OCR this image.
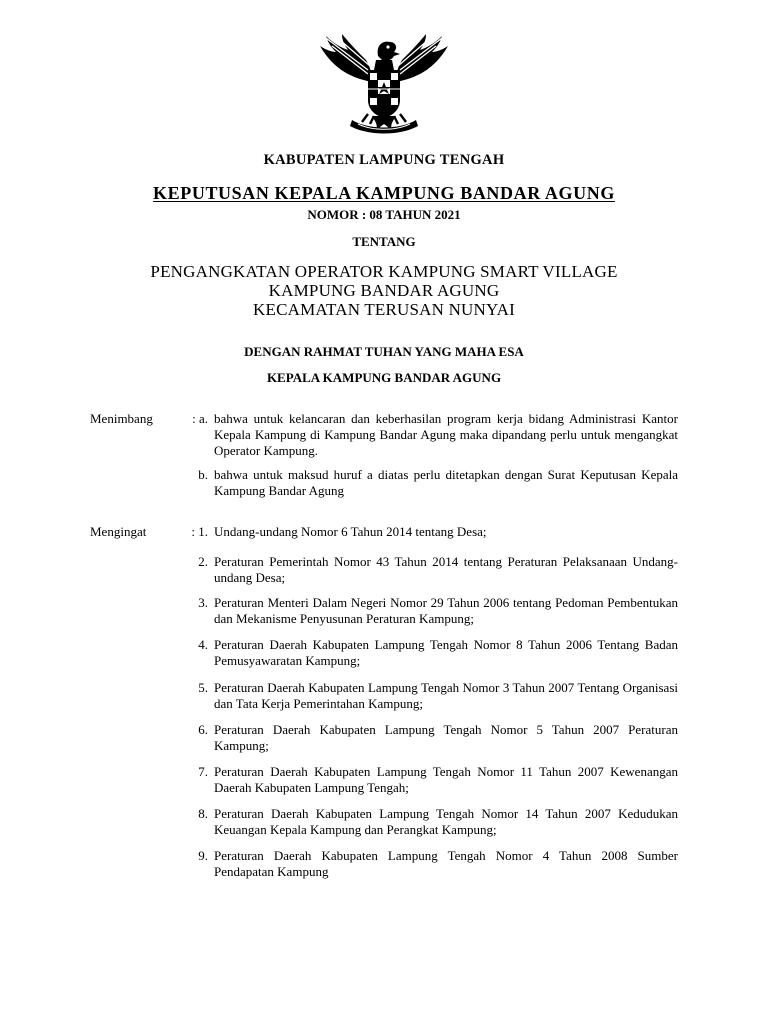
KABUPATEN LAMPUNG TENGAH
KEPUTUSAN KEPALA KAMPUNG BANDAR AGUNG
NOMOR : 08 TAHUN 2021
TENTANG
PENGANGKATAN OPERATOR KAMPUNG SMART VILLAGE
KAMPUNG BANDAR AGUNG
KECAMATAN TERUSAN NUNYAI
DENGAN RAHMAT TUHAN YANG MAHA ESA
KEPALA KAMPUNG BANDAR AGUNG
Menimbang	: a. bahwa untuk kelancaran dan keberhasilan program kerja bidang Administrasi Kantor Kepala Kampung di Kampung Bandar Agung maka dipandang perlu untuk mengangkat Operator Kampung.
b. bahwa untuk maksud huruf a diatas perlu ditetapkan dengan Surat Keputusan Kepala Kampung Bandar Agung
Mengingat	: 1. Undang-undang Nomor 6 Tahun 2014 tentang Desa;
2. Peraturan Pemerintah Nomor 43 Tahun 2014 tentang Peraturan Pelaksanaan Undang-undang Desa;
3. Peraturan Menteri Dalam Negeri Nomor 29 Tahun 2006 tentang Pedoman Pembentukan dan Mekanisme Penyusunan Peraturan Kampung;
4. Peraturan Daerah Kabupaten Lampung Tengah Nomor 8 Tahun 2006 Tentang Badan Pemusyawaratan Kampung;
5. Peraturan Daerah Kabupaten Lampung Tengah Nomor 3 Tahun 2007 Tentang Organisasi dan Tata Kerja Pemerintahan Kampung;
6. Peraturan Daerah Kabupaten Lampung Tengah Nomor 5 Tahun 2007 Peraturan Kampung;
7. Peraturan Daerah Kabupaten Lampung Tengah Nomor 11 Tahun 2007 Kewenangan Daerah Kabupaten Lampung Tengah;
8. Peraturan Daerah Kabupaten Lampung Tengah Nomor 14 Tahun 2007 Kedudukan Keuangan Kepala Kampung dan Perangkat Kampung;
9. Peraturan Daerah Kabupaten Lampung Tengah Nomor 4 Tahun 2008 Sumber Pendapatan Kampung
